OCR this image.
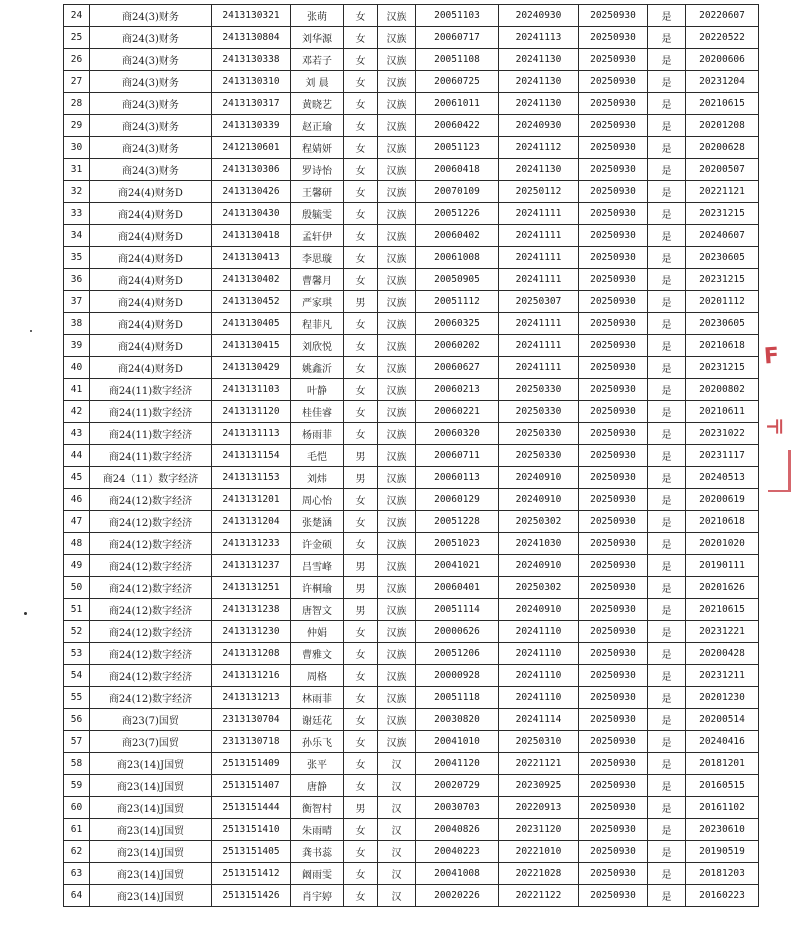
24	商24(3)财务	2413130321	张萌	女	汉族	20051103	20240930	20250930	是	20220607
25	商24(3)财务	2413130804	刘华源	女	汉族	20060717	20241113	20250930	是	20220522
26	商24(3)财务	2413130338	邓若子	女	汉族	20051108	20241130	20250930	是	20200606
27	商24(3)财务	2413130310	刘 晨	女	汉族	20060725	20241130	20250930	是	20231204
28	商24(3)财务	2413130317	黄晓艺	女	汉族	20061011	20241130	20250930	是	20210615
29	商24(3)财务	2413130339	赵正瑜	女	汉族	20060422	20240930	20250930	是	20201208
30	商24(3)财务	2412130601	程婧妍	女	汉族	20051123	20241112	20250930	是	20200628
31	商24(3)财务	2413130306	罗诗怡	女	汉族	20060418	20241130	20250930	是	20200507
32	商24(4)财务D	2413130426	王馨研	女	汉族	20070109	20250112	20250930	是	20221121
33	商24(4)财务D	2413130430	殷毓雯	女	汉族	20051226	20241111	20250930	是	20231215
34	商24(4)财务D	2413130418	孟轩伊	女	汉族	20060402	20241111	20250930	是	20240607
35	商24(4)财务D	2413130413	李思璇	女	汉族	20061008	20241111	20250930	是	20230605
36	商24(4)财务D	2413130402	曹馨月	女	汉族	20050905	20241111	20250930	是	20231215
37	商24(4)财务D	2413130452	严家琪	男	汉族	20051112	20250307	20250930	是	20201112
38	商24(4)财务D	2413130405	程菲凡	女	汉族	20060325	20241111	20250930	是	20230605
39	商24(4)财务D	2413130415	刘欣悦	女	汉族	20060202	20241111	20250930	是	20210618
40	商24(4)财务D	2413130429	姚鑫沂	女	汉族	20060627	20241111	20250930	是	20231215
41	商24(11)数字经济	2413131103	叶静	女	汉族	20060213	20250330	20250930	是	20200802
42	商24(11)数字经济	2413131120	桂佳睿	女	汉族	20060221	20250330	20250930	是	20210611
43	商24(11)数字经济	2413131113	杨雨菲	女	汉族	20060320	20250330	20250930	是	20231022
44	商24(11)数字经济	2413131154	毛恺	男	汉族	20060711	20250330	20250930	是	20231117
45	商24（11）数字经济	2413131153	刘炜	男	汉族	20060113	20240910	20250930	是	20240513
46	商24(12)数字经济	2413131201	周心怡	女	汉族	20060129	20240910	20250930	是	20200619
47	商24(12)数字经济	2413131204	张楚涵	女	汉族	20051228	20250302	20250930	是	20210618
48	商24(12)数字经济	2413131233	许金硕	女	汉族	20051023	20241030	20250930	是	20201020
49	商24(12)数字经济	2413131237	吕雪峰	男	汉族	20041021	20240910	20250930	是	20190111
50	商24(12)数字经济	2413131251	许桐瑜	男	汉族	20060401	20250302	20250930	是	20201626
51	商24(12)数字经济	2413131238	唐智文	男	汉族	20051114	20240910	20250930	是	20210615
52	商24(12)数字经济	2413131230	仲娟	女	汉族	20000626	20241110	20250930	是	20231221
53	商24(12)数字经济	2413131208	曹雅文	女	汉族	20051206	20241110	20250930	是	20200428
54	商24(12)数字经济	2413131216	周格	女	汉族	20000928	20241110	20250930	是	20231211
55	商24(12)数字经济	2413131213	林雨菲	女	汉族	20051118	20241110	20250930	是	20201230
56	商23(7)国贸	2313130704	谢廷花	女	汉族	20030820	20241114	20250930	是	20200514
57	商23(7)国贸	2313130718	孙乐飞	女	汉族	20041010	20250310	20250930	是	20240416
58	商23(14)J国贸	2513151409	张平	女	汉	20041120	20221121	20250930	是	20181201
59	商23(14)J国贸	2513151407	唐静	女	汉	20020729	20230925	20250930	是	20160515
60	商23(14)J国贸	2513151444	衡智村	男	汉	20030703	20220913	20250930	是	20161102
61	商23(14)J国贸	2513151410	朱雨晴	女	汉	20040826	20231120	20250930	是	20230610
62	商23(14)J国贸	2513151405	龚书蕊	女	汉	20040223	20221010	20250930	是	20190519
63	商23(14)J国贸	2513151412	阚雨雯	女	汉	20041008	20221028	20250930	是	20181203
64	商23(14)J国贸	2513151426	肖宇婷	女	汉	20020226	20221122	20250930	是	20160223
F
〒
